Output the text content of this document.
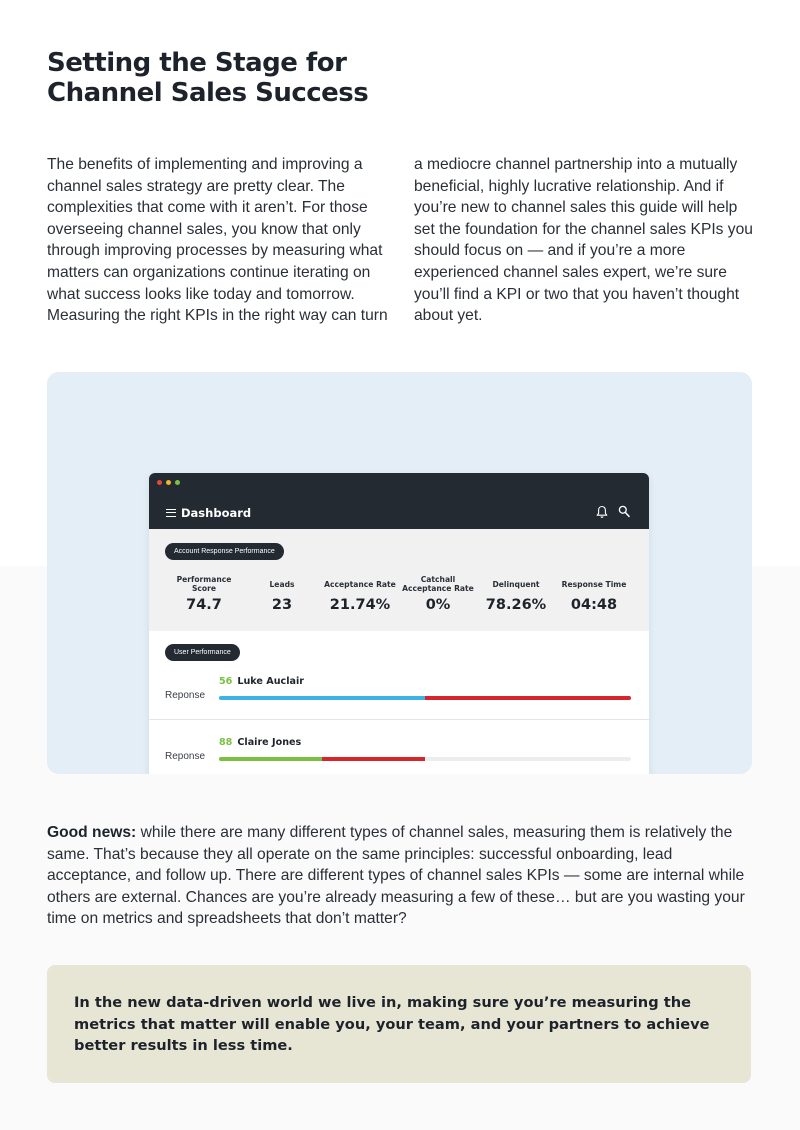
Setting the Stage for Channel Sales Success
The benefits of implementing and improving a channel sales strategy are pretty clear. The complexities that come with it aren’t. For those overseeing channel sales, you know that only through improving processes by measuring what matters can organizations continue iterating on what success looks like today and tomorrow. Measuring the right KPIs in the right way can turn a mediocre channel partnership into a mutually beneficial, highly lucrative relationship. And if you’re new to channel sales this guide will help set the foundation for the channel sales KPIs you should focus on — and if you’re a more experienced channel sales expert, we’re sure you’ll find a KPI or two that you haven’t thought about yet.
Dashboard
Account Response Performance
Performance Score
74.7
Leads
23
Acceptance Rate
21.74%
Catchall Acceptance Rate
0%
Delinquent
78.26%
Response Time
04:48
User Performance
56 Luke Auclair
Reponse
88 Claire Jones
Reponse

Good news: while there are many different types of channel sales, measuring them is relatively the same. That’s because they all operate on the same principles: successful onboarding, lead acceptance, and follow up. There are different types of channel sales KPIs — some are internal while others are external. Chances are you’re already measuring a few of these… but are you wasting your time on metrics and spreadsheets that don’t matter?

In the new data-driven world we live in, making sure you’re measuring the metrics that matter will enable you, your team, and your partners to achieve better results in less time.
